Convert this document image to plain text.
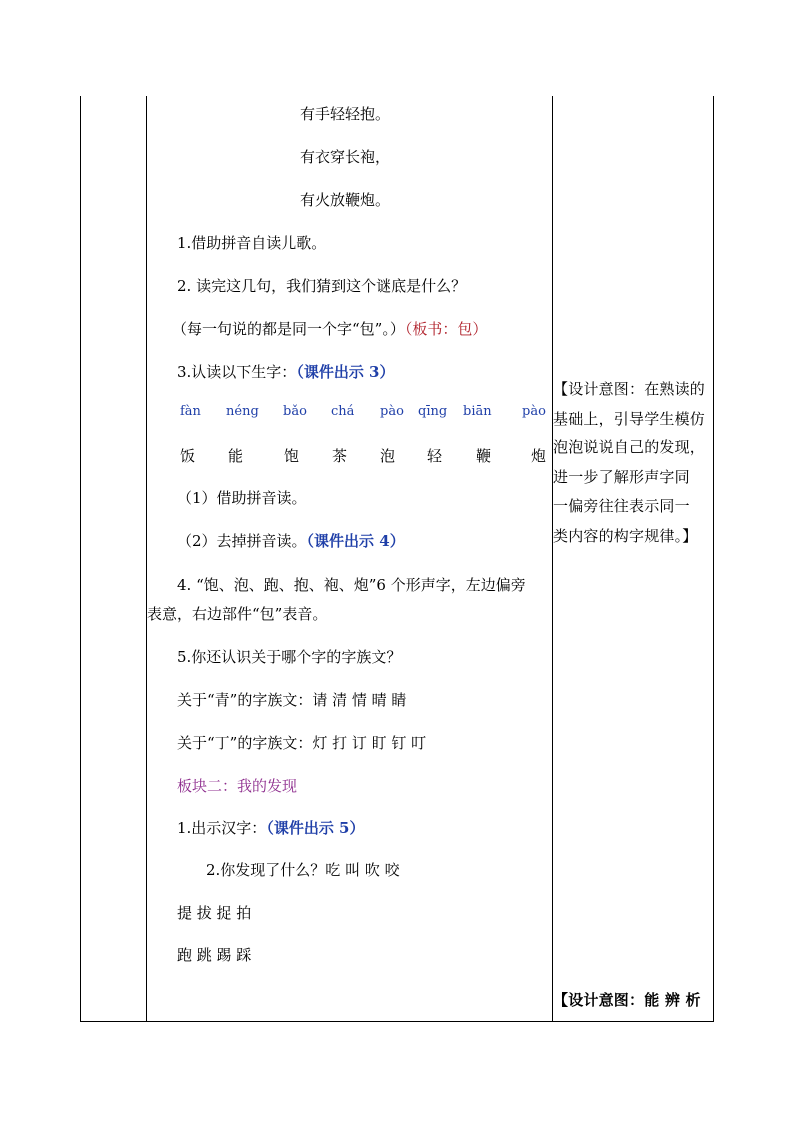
有手轻轻抱。
有衣穿长袍，
有火放鞭炮。
1.借助拼音自读儿歌。
2. 读完这几句，我们猜到这个谜底是什么？
（每一句说的都是同一个字“包”。）（板书：包）
3.认读以下生字：（课件出示 3）
fàn néng bǎo chá pào qīng biān pào
饭 能	饱 茶 泡 轻 鞭	炮
（1）借助拼音读。
（2）去掉拼音读。（课件出示 4）
4. “饱、泡、跑、抱、袍、炮”6 个形声字，左边偏旁
表意，右边部件“包”表音。
5.你还认识关于哪个字的字族文？
关于“青”的字族文：请 清 情 晴 睛
关于“丁”的字族文：灯 打 订 盯 钉 叮
板块二：我的发现
1.出示汉字：（课件出示 5）
2.你发现了什么？吃 叫 吹 咬
提 拔 捉 拍
跑 跳 踢 踩
【设计意图：在熟读的
基础上，引导学生模仿
泡泡说说自己的发现，
进一步了解形声字同
一偏旁往往表示同一
类内容的构字规律。】
【设计意图：能 辨 析
